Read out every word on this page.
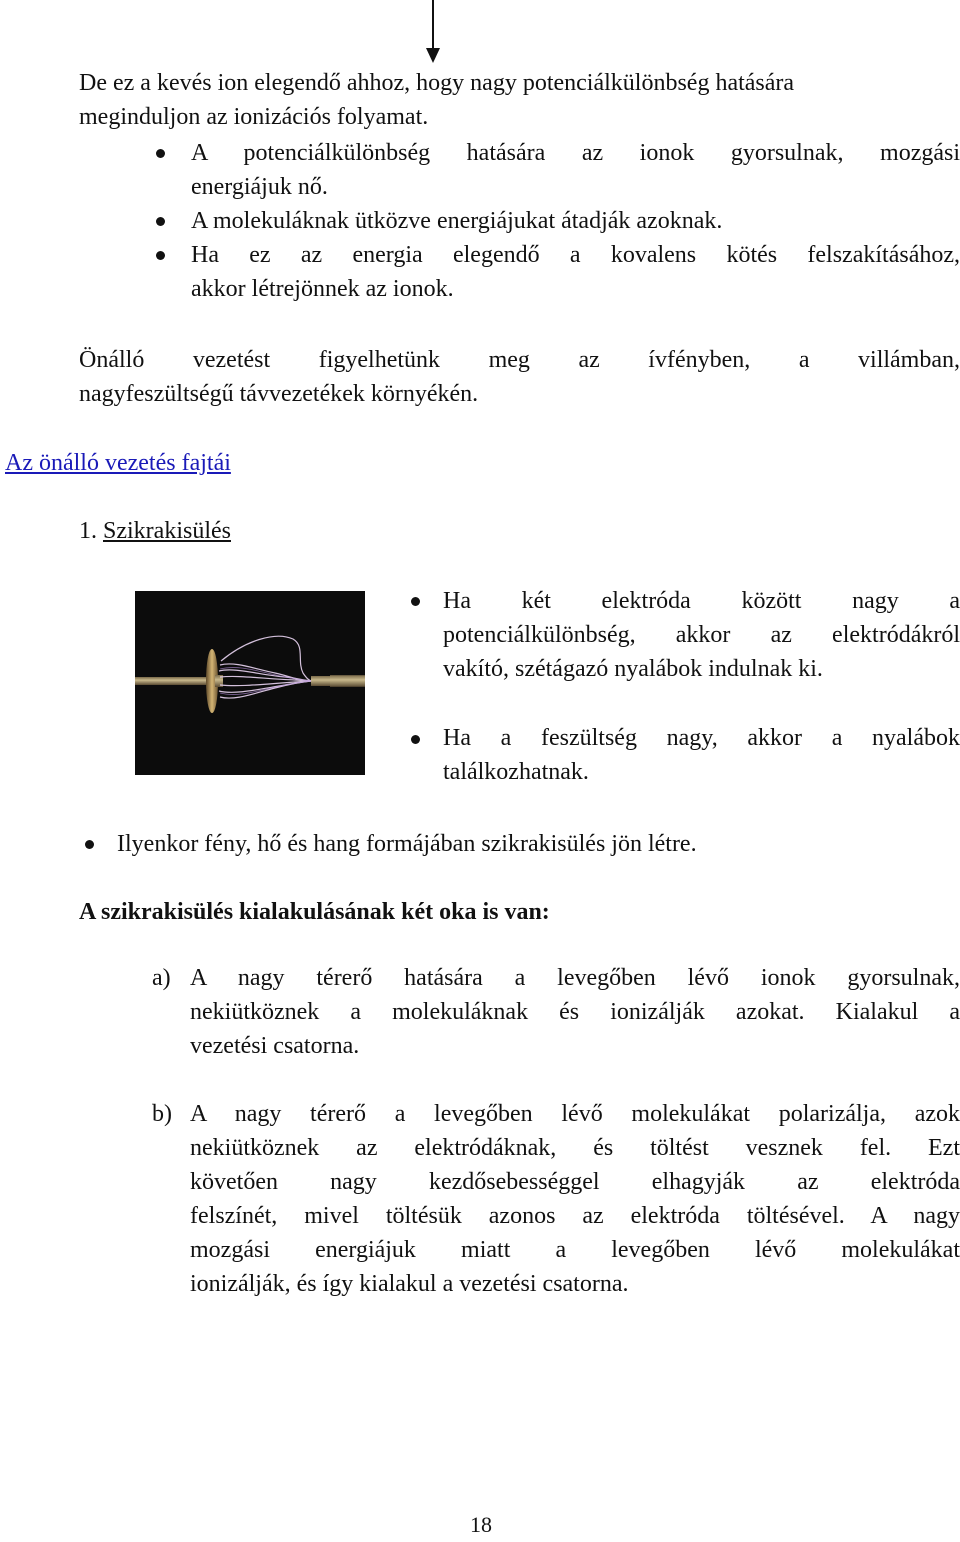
De ez a kevés ion elegendő ahhoz, hogy nagy potenciálkülönbség hatására
meginduljon az ionizációs folyamat.
A potenciálkülönbség hatására az ionok gyorsulnak, mozgási
energiájuk nő.
A molekuláknak ütközve energiájukat átadják azoknak.
Ha ez az energia elegendő a kovalens kötés felszakításához,
akkor létrejönnek az ionok.
Önálló vezetést figyelhetünk meg az ívfényben, a villámban,
nagyfeszültségű távvezetékek környékén.
Az önálló vezetés fajtái
1. Szikrakisülés
Ha két elektróda között nagy a
potenciálkülönbség, akkor az elektródákról
vakító, szétágazó nyalábok indulnak ki.
Ha a feszültség nagy, akkor a nyalábok
találkozhatnak.
Ilyenkor fény, hő és hang formájában szikrakisülés jön létre.
A szikrakisülés kialakulásának két oka is van:
a) A nagy térerő hatására a levegőben lévő ionok gyorsulnak,
nekiütköznek a molekuláknak és ionizálják azokat. Kialakul a
vezetési csatorna.
b) A nagy térerő a levegőben lévő molekulákat polarizálja, azok
nekiütköznek az elektródáknak, és töltést vesznek fel. Ezt
követően nagy kezdősebességgel elhagyják az elektróda
felszínét, mivel töltésük azonos az elektróda töltésével. A nagy
mozgási energiájuk miatt a levegőben lévő molekulákat
ionizálják, és így kialakul a vezetési csatorna.
18
